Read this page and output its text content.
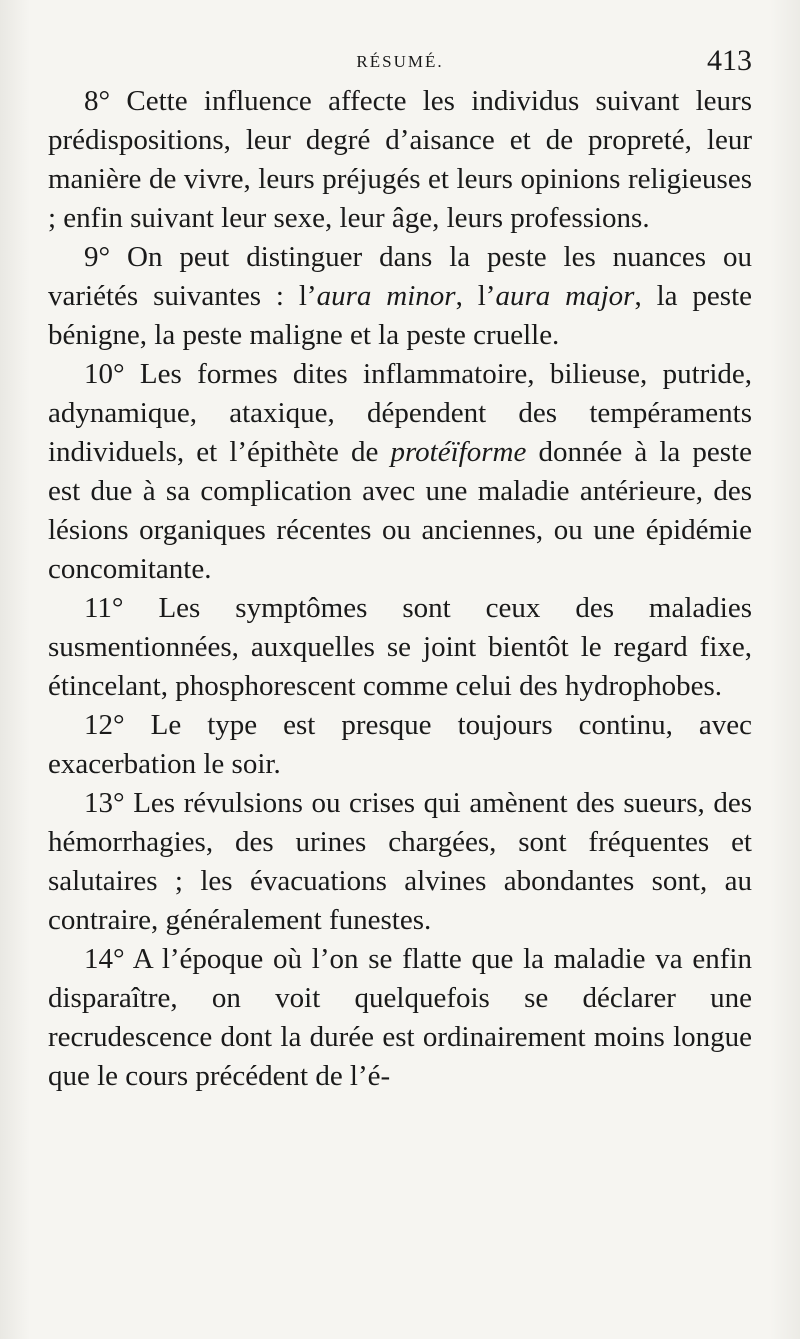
RÉSUMÉ.	413

8° Cette influence affecte les individus suivant leurs prédispositions, leur degré d’aisance et de propreté, leur manière de vivre, leurs préjugés et leurs opinions religieuses ; enfin suivant leur sexe, leur âge, leurs professions.

9° On peut distinguer dans la peste les nuances ou variétés suivantes : l’aura minor, l’aura major, la peste bénigne, la peste maligne et la peste cruelle.

10° Les formes dites inflammatoire, bilieuse, putride, adynamique, ataxique, dépendent des tempéraments individuels, et l’épithète de protéïforme donnée à la peste est due à sa complication avec une maladie antérieure, des lésions organiques récentes ou anciennes, ou une épidémie concomitante.

11° Les symptômes sont ceux des maladies susmentionnées, auxquelles se joint bientôt le regard fixe, étincelant, phosphorescent comme celui des hydrophobes.

12° Le type est presque toujours continu, avec exacerbation le soir.

13° Les révulsions ou crises qui amènent des sueurs, des hémorrhagies, des urines chargées, sont fréquentes et salutaires ; les évacuations alvines abondantes sont, au contraire, généralement funestes.

14° A l’époque où l’on se flatte que la maladie va enfin disparaître, on voit quelquefois se déclarer une recrudescence dont la durée est ordinairement moins longue que le cours précédent de l’é-
